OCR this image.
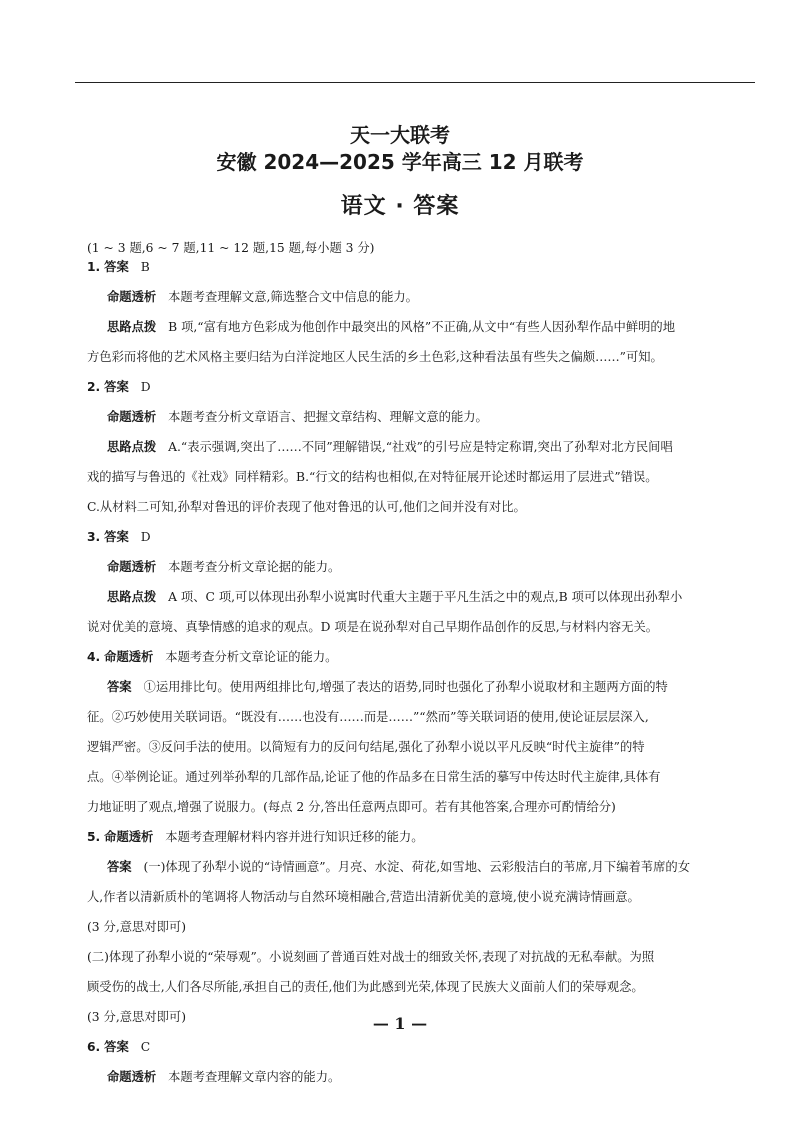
天一大联考
安徽 2024—2025 学年高三 12 月联考
语文 · 答案
(1 ~ 3 题,6 ~ 7 题,11 ~ 12 题,15 题,每小题 3 分)
1. 答案 B
命题透析 本题考查理解文意,筛选整合文中信息的能力。
思路点拨 B 项,“富有地方色彩成为他创作中最突出的风格”不正确,从文中“有些人因孙犁作品中鲜明的地
方色彩而将他的艺术风格主要归结为白洋淀地区人民生活的乡土色彩,这种看法虽有些失之偏颇……”可知。
2. 答案 D
命题透析 本题考查分析文章语言、把握文章结构、理解文意的能力。
思路点拨 A.“表示强调,突出了……不同”理解错误,“社戏”的引号应是特定称谓,突出了孙犁对北方民间唱
戏的描写与鲁迅的《社戏》同样精彩。B.“行文的结构也相似,在对特征展开论述时都运用了层进式”错误。
C.从材料二可知,孙犁对鲁迅的评价表现了他对鲁迅的认可,他们之间并没有对比。
3. 答案 D
命题透析 本题考查分析文章论据的能力。
思路点拨 A 项、C 项,可以体现出孙犁小说寓时代重大主题于平凡生活之中的观点,B 项可以体现出孙犁小
说对优美的意境、真挚情感的追求的观点。D 项是在说孙犁对自己早期作品创作的反思,与材料内容无关。
4. 命题透析 本题考查分析文章论证的能力。
答案 ①运用排比句。使用两组排比句,增强了表达的语势,同时也强化了孙犁小说取材和主题两方面的特
征。②巧妙使用关联词语。“既没有……也没有……而是……”“然而”等关联词语的使用,使论证层层深入,
逻辑严密。③反问手法的使用。以简短有力的反问句结尾,强化了孙犁小说以平凡反映“时代主旋律”的特
点。④举例论证。通过列举孙犁的几部作品,论证了他的作品多在日常生活的摹写中传达时代主旋律,具体有
力地证明了观点,增强了说服力。(每点 2 分,答出任意两点即可。若有其他答案,合理亦可酌情给分)
5. 命题透析 本题考查理解材料内容并进行知识迁移的能力。
答案 (一)体现了孙犁小说的“诗情画意”。月亮、水淀、荷花,如雪地、云彩般洁白的苇席,月下编着苇席的女
人,作者以清新质朴的笔调将人物活动与自然环境相融合,营造出清新优美的意境,使小说充满诗情画意。
(3 分,意思对即可)
(二)体现了孙犁小说的“荣辱观”。小说刻画了普通百姓对战士的细致关怀,表现了对抗战的无私奉献。为照
顾受伤的战士,人们各尽所能,承担自己的责任,他们为此感到光荣,体现了民族大义面前人们的荣辱观念。
(3 分,意思对即可)
6. 答案 C
命题透析 本题考查理解文章内容的能力。
— 1 —
